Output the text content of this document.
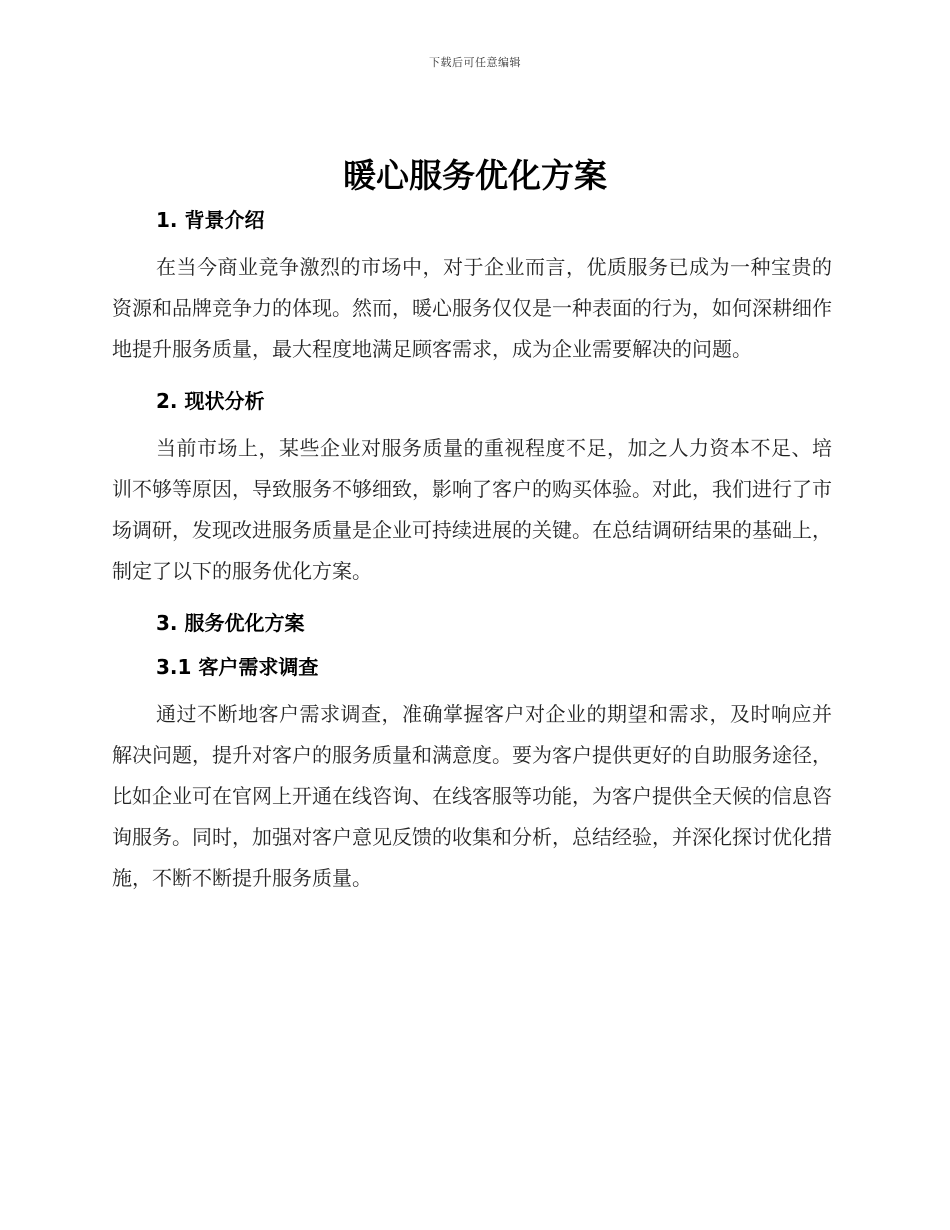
下载后可任意编辑
暖心服务优化方案
1. 背景介绍

在当今商业竞争激烈的市场中，对于企业而言，优质服务已成为一种宝贵的资源和品牌竞争力的体现。然而，暖心服务仅仅是一种表面的行为，如何深耕细作地提升服务质量，最大程度地满足顾客需求，成为企业需要解决的问题。

2. 现状分析

当前市场上，某些企业对服务质量的重视程度不足，加之人力资本不足、培训不够等原因，导致服务不够细致，影响了客户的购买体验。对此，我们进行了市场调研，发现改进服务质量是企业可持续进展的关键。在总结调研结果的基础上，制定了以下的服务优化方案。

3. 服务优化方案
3.1 客户需求调查

通过不断地客户需求调查，准确掌握客户对企业的期望和需求，及时响应并解决问题，提升对客户的服务质量和满意度。要为客户提供更好的自助服务途径，比如企业可在官网上开通在线咨询、在线客服等功能，为客户提供全天候的信息咨询服务。同时，加强对客户意见反馈的收集和分析，总结经验，并深化探讨优化措施，不断不断提升服务质量。
